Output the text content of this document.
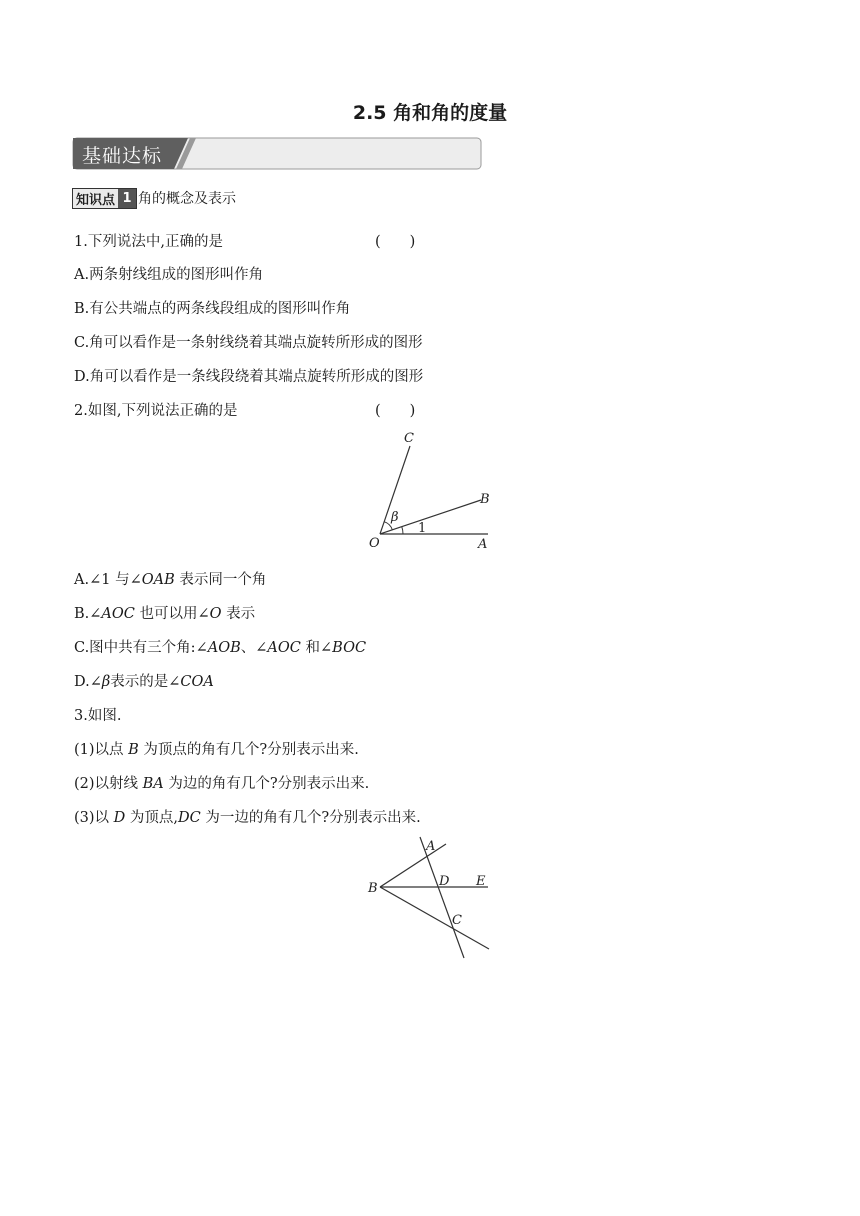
2.5 角和角的度量
基础达标
知识点 1 角的概念及表示
1.下列说法中,正确的是	(　　)
A.两条射线组成的图形叫作角
B.有公共端点的两条线段组成的图形叫作角
C.角可以看作是一条射线绕着其端点旋转所形成的图形
D.角可以看作是一条线段绕着其端点旋转所形成的图形
2.如图,下列说法正确的是	(　　)
C
B
O	A
β
1
A.∠1 与∠OAB 表示同一个角
B.∠AOC 也可以用∠O 表示
C.图中共有三个角:∠AOB、∠AOC 和∠BOC
D.∠β表示的是∠COA
3.如图.
(1)以点 B 为顶点的角有几个?分别表示出来.
(2)以射线 BA 为边的角有几个?分别表示出来.
(3)以 D 为顶点,DC 为一边的角有几个?分别表示出来.
A
B
C
D E
